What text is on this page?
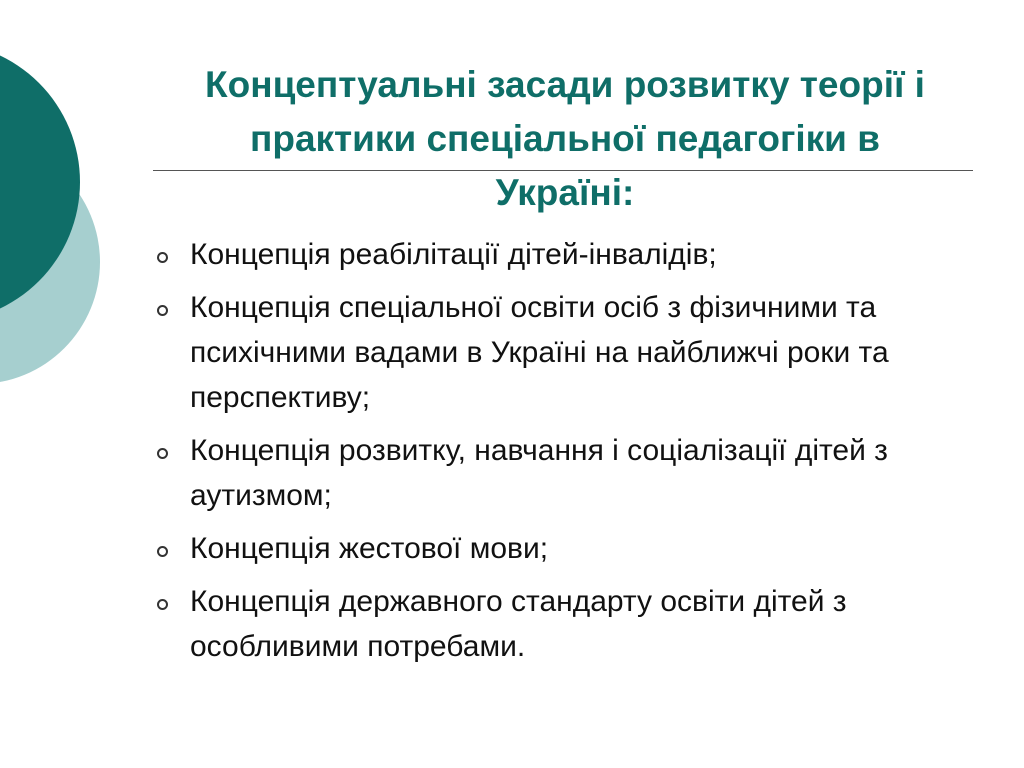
Концептуальні засади розвитку теорії і практики спеціальної педагогіки в Україні:
Концепція реабілітації дітей-інвалідів;
Концепція спеціальної освіти осіб з фізичними та психічними вадами в Україні на найближчі роки та перспективу;
Концепція розвитку, навчання і соціалізації дітей з аутизмом;
Концепція жестової мови;
Концепція державного стандарту освіти дітей з особливими потребами.
